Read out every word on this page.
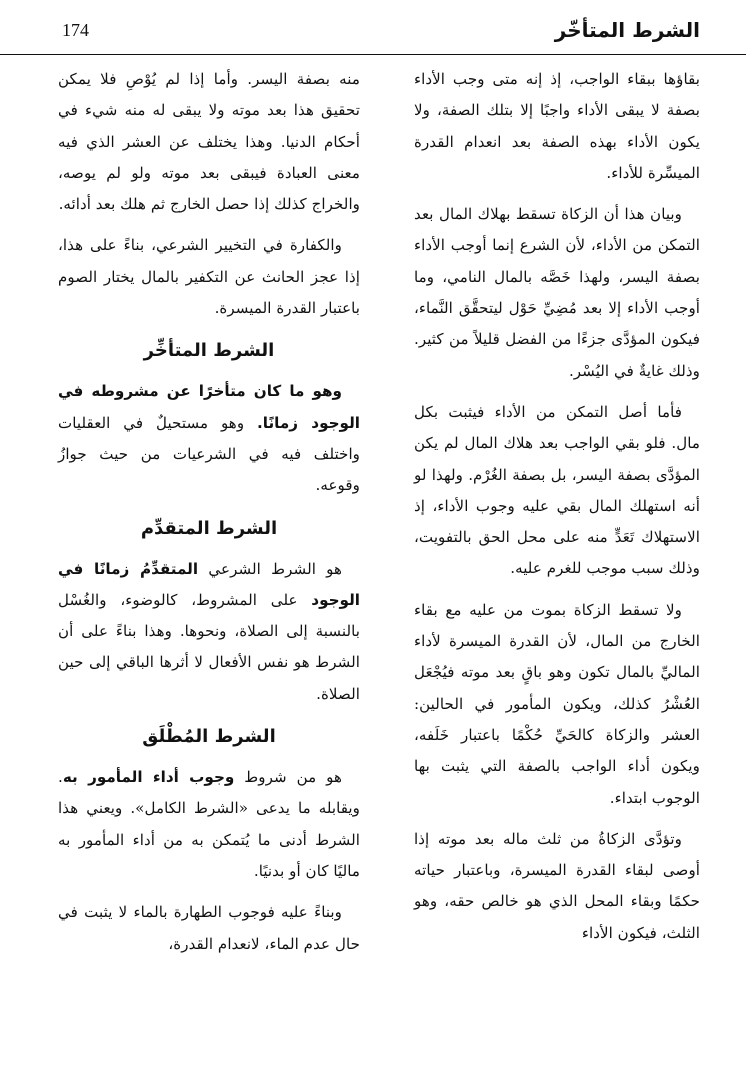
الشرط المتأخّر
174

بقاؤها ببقاء الواجب، إذ إنه متى وجب الأداء بصفة لا يبقى الأداء واجبًا إلا بتلك الصفة، ولا يكون الأداء بهذه الصفة بعد انعدام القدرة الميسِّرة للأداء.

وبيان هذا أن الزكاة تسقط بهلاك المال بعد التمكن من الأداء، لأن الشرع إنما أوجب الأداء بصفة اليسر، ولهذا خَصَّه بالمال النامي، وما أوجب الأداء إلا بعد مُضِيِّ حَوْل ليتحقَّق النَّماء، فيكون المؤدَّى جزءًا من الفضل قليلاً من كثير. وذلك غايةٌ في اليُسْر.

فأما أصل التمكن من الأداء فيثبت بكل مال. فلو بقي الواجب بعد هلاك المال لم يكن المؤدَّى بصفة اليسر، بل بصفة الغُرْم. ولهذا لو أنه استهلك المال بقي عليه وجوب الأداء، إذ الاستهلاك تَعَدٍّ منه على محل الحق بالتفويت، وذلك سبب موجب للغرم عليه.

ولا تسقط الزكاة بموت من عليه مع بقاء الخارج من المال، لأن القدرة الميسرة لأداء الماليِّ بالمال تكون وهو باقٍ بعد موته فيُجْعَل العُشْرُ كذلك، ويكون المأمور في الحالين: العشر والزكاة كالحَيِّ حُكْمًا باعتبار خَلَفه، ويكون أداء الواجب بالصفة التي يثبت بها الوجوب ابتداء.

وتؤدَّى الزكاةُ من ثلث ماله بعد موته إذا أوصى لبقاء القدرة الميسرة، وباعتبار حياته حكمًا وبقاء المحل الذي هو خالص حقه، وهو الثلث، فيكون الأداء

منه بصفة اليسر. وأما إذا لم يُوْصِ فلا يمكن تحقيق هذا بعد موته ولا يبقى له منه شيء في أحكام الدنيا. وهذا يختلف عن العشر الذي فيه معنى العبادة فيبقى بعد موته ولو لم يوصه، والخراج كذلك إذا حصل الخارج ثم هلك بعد أدائه.

والكفارة في التخيير الشرعي، بناءً على هذا، إذا عجز الحانث عن التكفير بالمال يختار الصوم باعتبار القدرة الميسرة.

الشرط المتأخِّر

وهو ما كان متأخرًا عن مشروطه في الوجود زمانًا. وهو مستحيلٌ في العقليات واختلف فيه في الشرعيات من حيث جوازُ وقوعه.

الشرط المتقدِّم

هو الشرط الشرعي المتقدِّمُ زمانًا في الوجود على المشروط، كالوضوء، والغُسْل بالنسبة إلى الصلاة، ونحوها. وهذا بناءً على أن الشرط هو نفس الأفعال لا أثرها الباقي إلى حين الصلاة.

الشرط المُطْلَق

هو من شروط وجوب أداء المأمور به. ويقابله ما يدعى «الشرط الكامل». ويعني هذا الشرط أدنى ما يُتمكن به من أداء المأمور به ماليًا كان أو بدنيًا.

وبناءً عليه فوجوب الطهارة بالماء لا يثبت في حال عدم الماء، لانعدام القدرة،
